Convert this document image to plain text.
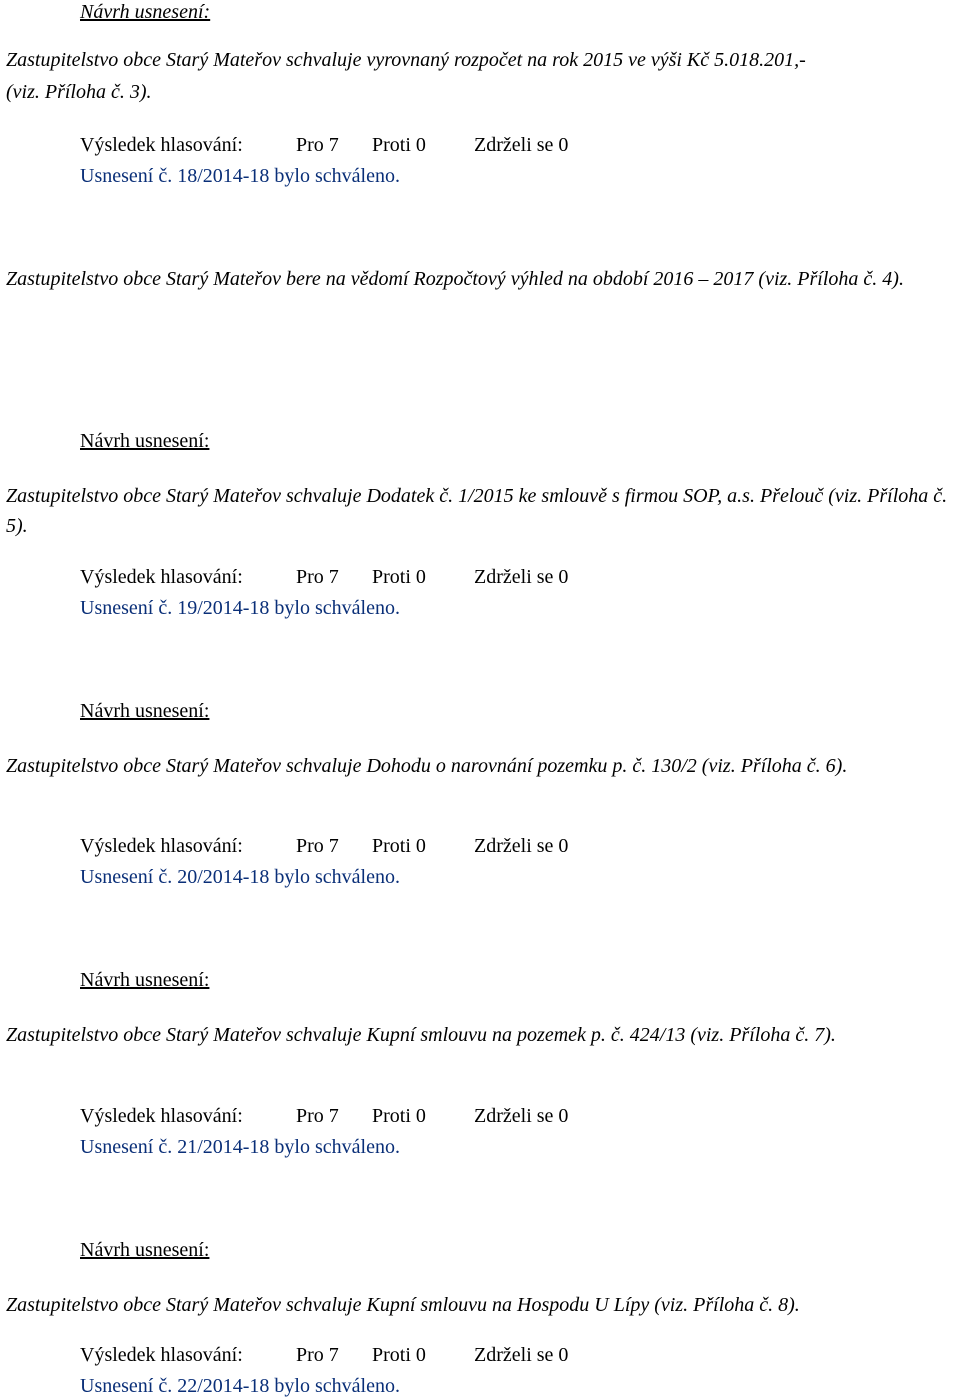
Návrh usnesení:
Zastupitelstvo obce Starý Mateřov schvaluje vyrovnaný rozpočet na rok 2015 ve výši Kč 5.018.201,-
(viz. Příloha č. 3).
Výsledek hlasování:	Pro 7 Proti 0 Zdrželi se 0
Usnesení č. 18/2014-18 bylo schváleno.
Zastupitelstvo obce Starý Mateřov bere na vědomí Rozpočtový výhled na období 2016 – 2017 (viz. Příloha č. 4).
Návrh usnesení:
Zastupitelstvo obce Starý Mateřov schvaluje Dodatek č. 1/2015 ke smlouvě s firmou SOP, a.s. Přelouč (viz. Příloha č. 5).
Výsledek hlasování:	Pro 7 Proti 0 Zdrželi se 0
Usnesení č. 19/2014-18 bylo schváleno.
Návrh usnesení:
Zastupitelstvo obce Starý Mateřov schvaluje Dohodu o narovnání pozemku p. č. 130/2 (viz. Příloha č. 6).
Výsledek hlasování:	Pro 7 Proti 0 Zdrželi se 0
Usnesení č. 20/2014-18 bylo schváleno.
Návrh usnesení:
Zastupitelstvo obce Starý Mateřov schvaluje Kupní smlouvu na pozemek p. č. 424/13 (viz. Příloha č. 7).
Výsledek hlasování:	Pro 7 Proti 0 Zdrželi se 0
Usnesení č. 21/2014-18 bylo schváleno.
Návrh usnesení:
Zastupitelstvo obce Starý Mateřov schvaluje Kupní smlouvu na Hospodu U Lípy (viz. Příloha č. 8).
Výsledek hlasování:	Pro 7 Proti 0 Zdrželi se 0
Usnesení č. 22/2014-18 bylo schváleno.
